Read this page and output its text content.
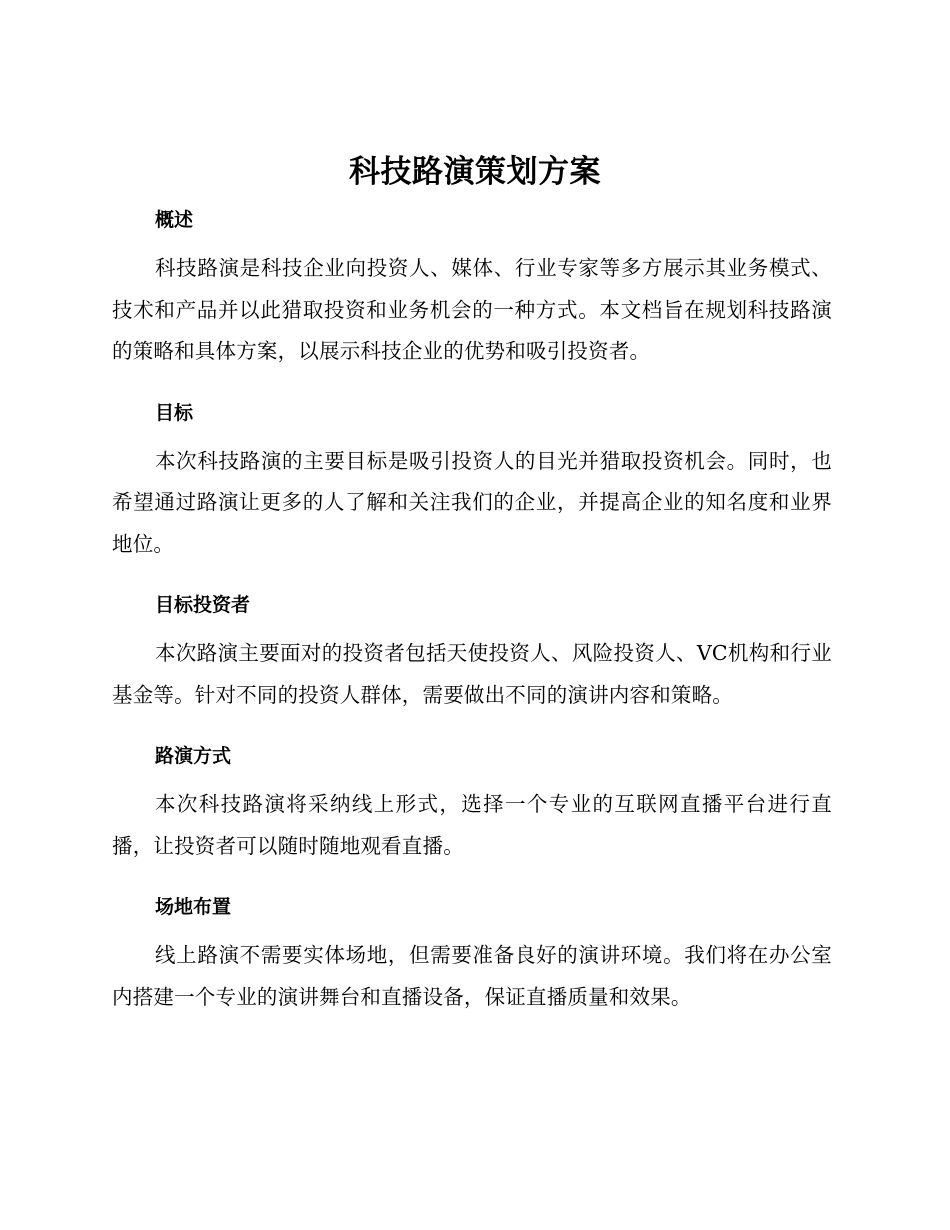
科技路演策划方案
概述

科技路演是科技企业向投资人、媒体、行业专家等多方展示其业务模式、技术和产品并以此猎取投资和业务机会的一种方式。本文档旨在规划科技路演的策略和具体方案，以展示科技企业的优势和吸引投资者。

目标

本次科技路演的主要目标是吸引投资人的目光并猎取投资机会。同时，也希望通过路演让更多的人了解和关注我们的企业，并提高企业的知名度和业界地位。

目标投资者

本次路演主要面对的投资者包括天使投资人、风险投资人、VC机构和行业基金等。针对不同的投资人群体，需要做出不同的演讲内容和策略。

路演方式

本次科技路演将采纳线上形式，选择一个专业的互联网直播平台进行直播，让投资者可以随时随地观看直播。

场地布置

线上路演不需要实体场地，但需要准备良好的演讲环境。我们将在办公室内搭建一个专业的演讲舞台和直播设备，保证直播质量和效果。
